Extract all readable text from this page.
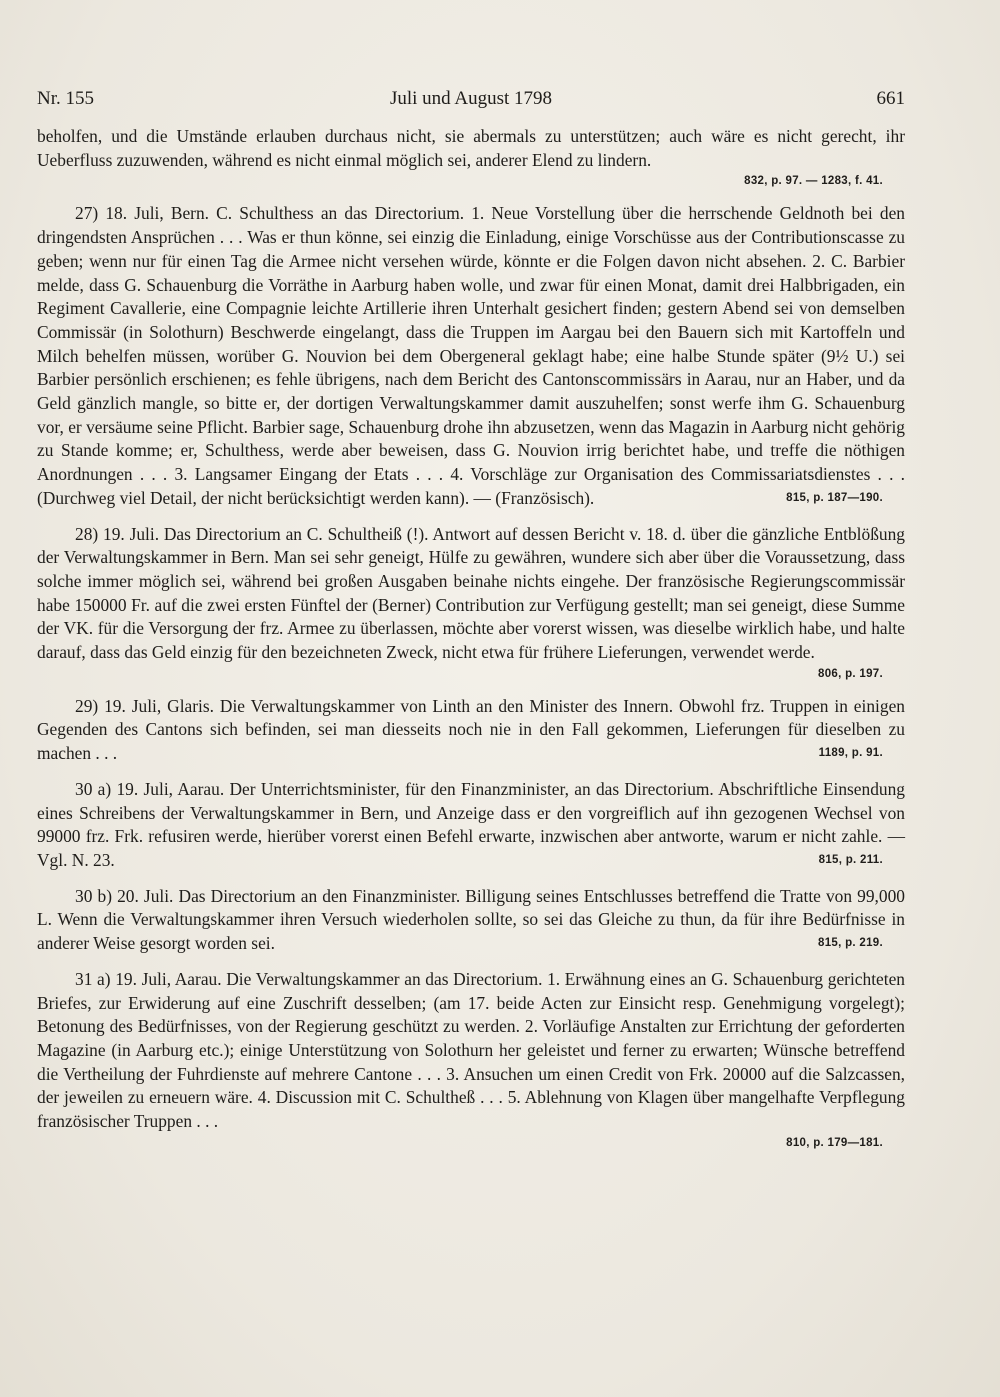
Nr. 155	Juli und August 1798	661

beholfen, und die Umstände erlauben durchaus nicht, sie abermals zu unterstützen; auch wäre es nicht gerecht, ihr Ueberfluss zuzuwenden, während es nicht einmal möglich sei, anderer Elend zu lindern.

832, p. 97. — 1283, f. 41.

27) 18. Juli, Bern. C. Schulthess an das Directorium. 1. Neue Vorstellung über die herrschende Geldnoth bei den dringendsten Ansprüchen . . . Was er thun könne, sei einzig die Einladung, einige Vorschüsse aus der Contributionscasse zu geben; wenn nur für einen Tag die Armee nicht versehen würde, könnte er die Folgen davon nicht absehen. 2. C. Barbier melde, dass G. Schauenburg die Vorräthe in Aarburg haben wolle, und zwar für einen Monat, damit drei Halbbrigaden, ein Regiment Cavallerie, eine Compagnie leichte Artillerie ihren Unterhalt gesichert finden; gestern Abend sei von demselben Commissär (in Solothurn) Beschwerde eingelangt, dass die Truppen im Aargau bei den Bauern sich mit Kartoffeln und Milch behelfen müssen, worüber G. Nouvion bei dem Obergeneral geklagt habe; eine halbe Stunde später (9½ U.) sei Barbier persönlich erschienen; es fehle übrigens, nach dem Bericht des Cantonscommissärs in Aarau, nur an Haber, und da Geld gänzlich mangle, so bitte er, der dortigen Verwaltungskammer damit auszuhelfen; sonst werfe ihm G. Schauenburg vor, er versäume seine Pflicht. Barbier sage, Schauenburg drohe ihn abzusetzen, wenn das Magazin in Aarburg nicht gehörig zu Stande komme; er, Schulthess, werde aber beweisen, dass G. Nouvion irrig berichtet habe, und treffe die nöthigen Anordnungen . . . 3. Langsamer Eingang der Etats . . . 4. Vorschläge zur Organisation des Commissariatsdienstes . . . (Durchweg viel Detail, der nicht berücksichtigt werden kann). — (Französisch).	815, p. 187—190.

28) 19. Juli. Das Directorium an C. Schultheiß (!). Antwort auf dessen Bericht v. 18. d. über die gänzliche Entblößung der Verwaltungskammer in Bern. Man sei sehr geneigt, Hülfe zu gewähren, wundere sich aber über die Voraussetzung, dass solche immer möglich sei, während bei großen Ausgaben beinahe nichts eingehe. Der französische Regierungscommissär habe 150000 Fr. auf die zwei ersten Fünftel der (Berner) Contribution zur Verfügung gestellt; man sei geneigt, diese Summe der VK. für die Versorgung der frz. Armee zu überlassen, möchte aber vorerst wissen, was dieselbe wirklich habe, und halte darauf, dass das Geld einzig für den bezeichneten Zweck, nicht etwa für frühere Lieferungen, verwendet werde.

806, p. 197.

29) 19. Juli, Glaris. Die Verwaltungskammer von Linth an den Minister des Innern. Obwohl frz. Truppen in einigen Gegenden des Cantons sich befinden, sei man diesseits noch nie in den Fall gekommen, Lieferungen für dieselben zu machen . . .	1189, p. 91.

30 a) 19. Juli, Aarau. Der Unterrichtsminister, für den Finanzminister, an das Directorium. Abschriftliche Einsendung eines Schreibens der Verwaltungskammer in Bern, und Anzeige dass er den vorgreiflich auf ihn gezogenen Wechsel von 99000 frz. Frk. refusiren werde, hierüber vorerst einen Befehl erwarte, inzwischen aber antworte, warum er nicht zahle. — Vgl. N. 23.	815, p. 211.

30 b) 20. Juli. Das Directorium an den Finanzminister. Billigung seines Entschlusses betreffend die Tratte von 99,000 L. Wenn die Verwaltungskammer ihren Versuch wiederholen sollte, so sei das Gleiche zu thun, da für ihre Bedürfnisse in anderer Weise gesorgt worden sei.	815, p. 219.

31 a) 19. Juli, Aarau. Die Verwaltungskammer an das Directorium. 1. Erwähnung eines an G. Schauenburg gerichteten Briefes, zur Erwiderung auf eine Zuschrift desselben; (am 17. beide Acten zur Einsicht resp. Genehmigung vorgelegt); Betonung des Bedürfnisses, von der Regierung geschützt zu werden. 2. Vorläufige Anstalten zur Errichtung der geforderten Magazine (in Aarburg etc.); einige Unterstützung von Solothurn her geleistet und ferner zu erwarten; Wünsche betreffend die Vertheilung der Fuhrdienste auf mehrere Cantone . . . 3. Ansuchen um einen Credit von Frk. 20000 auf die Salzcassen, der jeweilen zu erneuern wäre. 4. Discussion mit C. Schultheß . . . 5. Ablehnung von Klagen über mangelhafte Verpflegung französischer Truppen . . .

810, p. 179—181.
